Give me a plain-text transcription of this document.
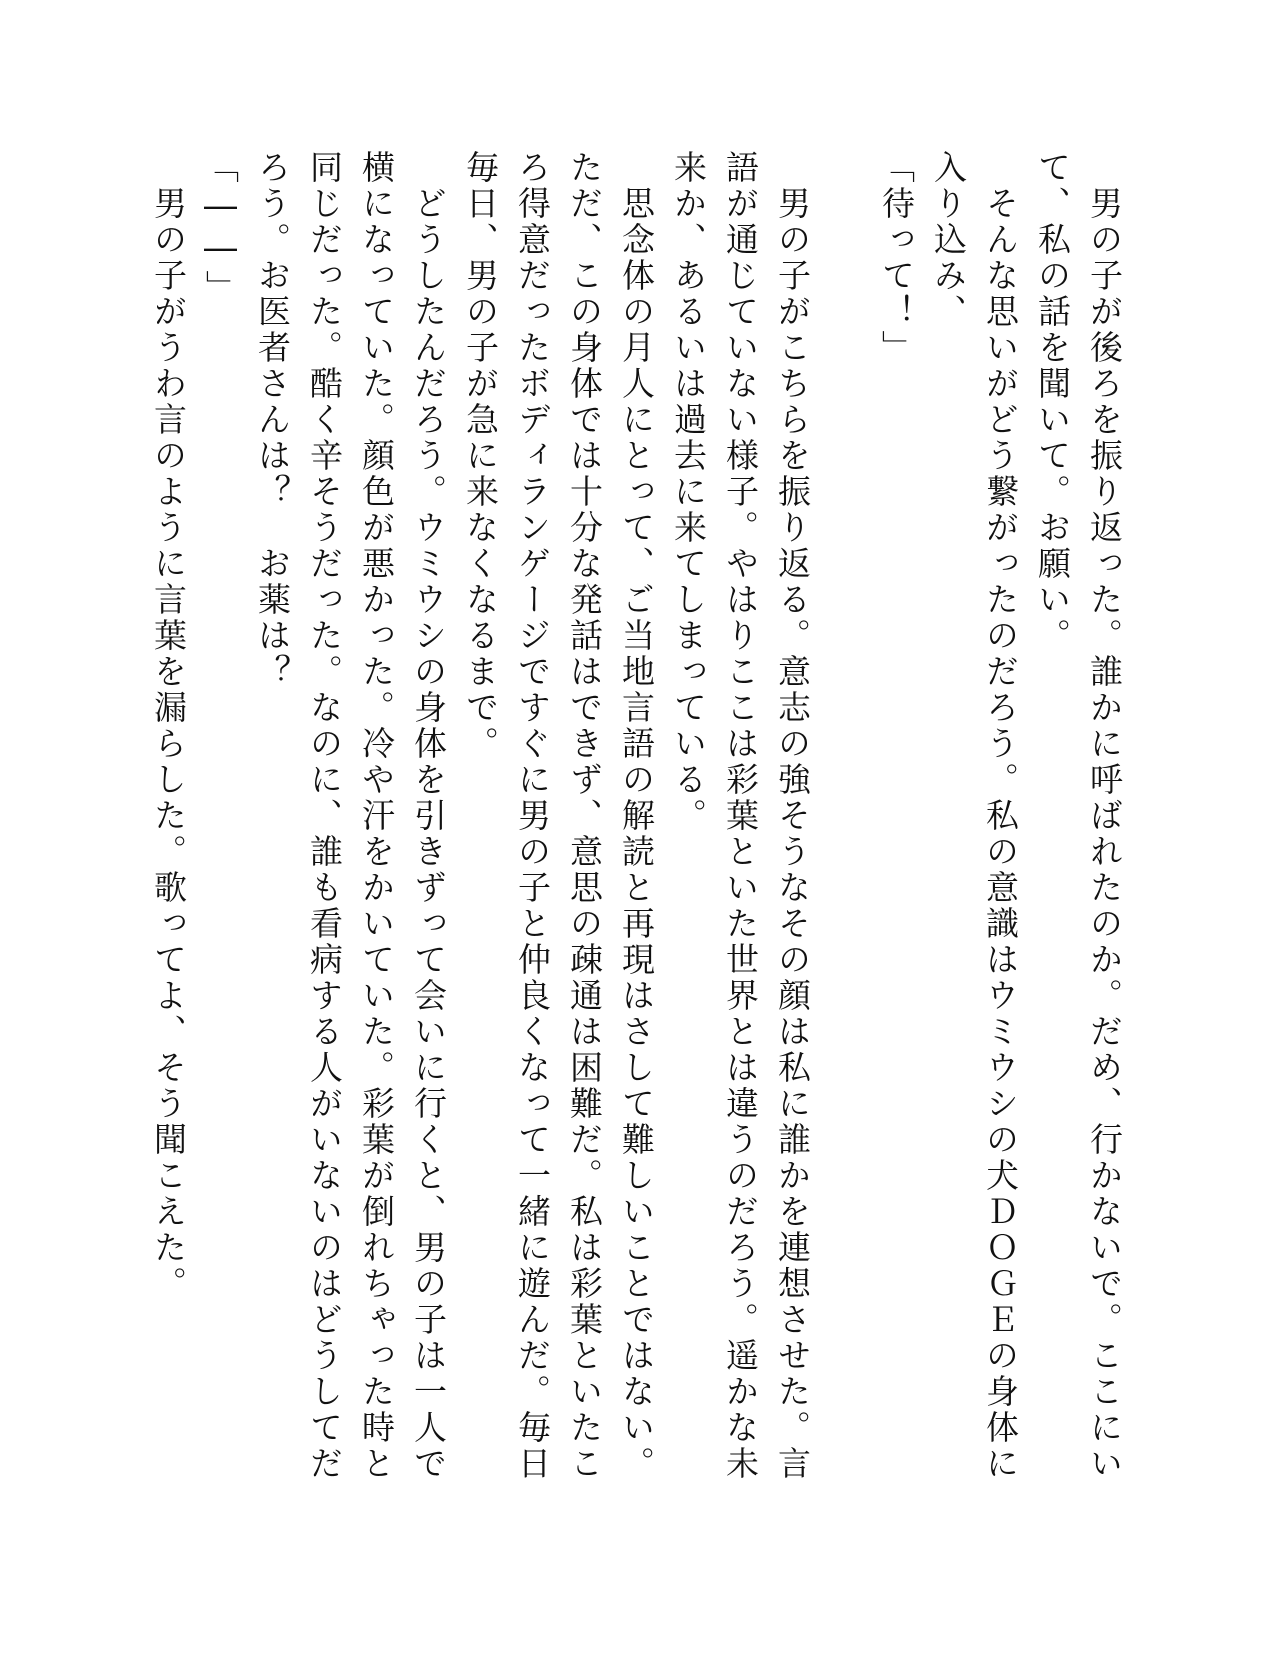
　男の子が後ろを振り返った。誰かに呼ばれたのか。だめ、行かないで。ここにいて、私の話を聞いて。お願い。

　そんな思いがどう繋がったのだろう。私の意識はウミウシの犬ＤＯＧＥの身体に入り込み、

「待って！」

　男の子がこちらを振り返る。意志の強そうなその顔は私に誰かを連想させた。言語が通じていない様子。やはりここは彩葉といた世界とは違うのだろう。遥かな未来か、あるいは過去に来てしまっている。

　思念体の月人にとって、ご当地言語の解読と再現はさして難しいことではない。ただ、この身体では十分な発話はできず、意思の疎通は困難だ。私は彩葉といたころ得意だったボディランゲージですぐに男の子と仲良くなって一緒に遊んだ。毎日毎日、男の子が急に来なくなるまで。

　どうしたんだろう。ウミウシの身体を引きずって会いに行くと、男の子は一人で横になっていた。顔色が悪かった。冷や汗をかいていた。彩葉が倒れちゃった時と同じだった。酷く辛そうだった。なのに、誰も看病する人がいないのはどうしてだろう。お医者さんは？　お薬は？

「――」

　男の子がうわ言のように言葉を漏らした。歌ってよ、そう聞こえた。
